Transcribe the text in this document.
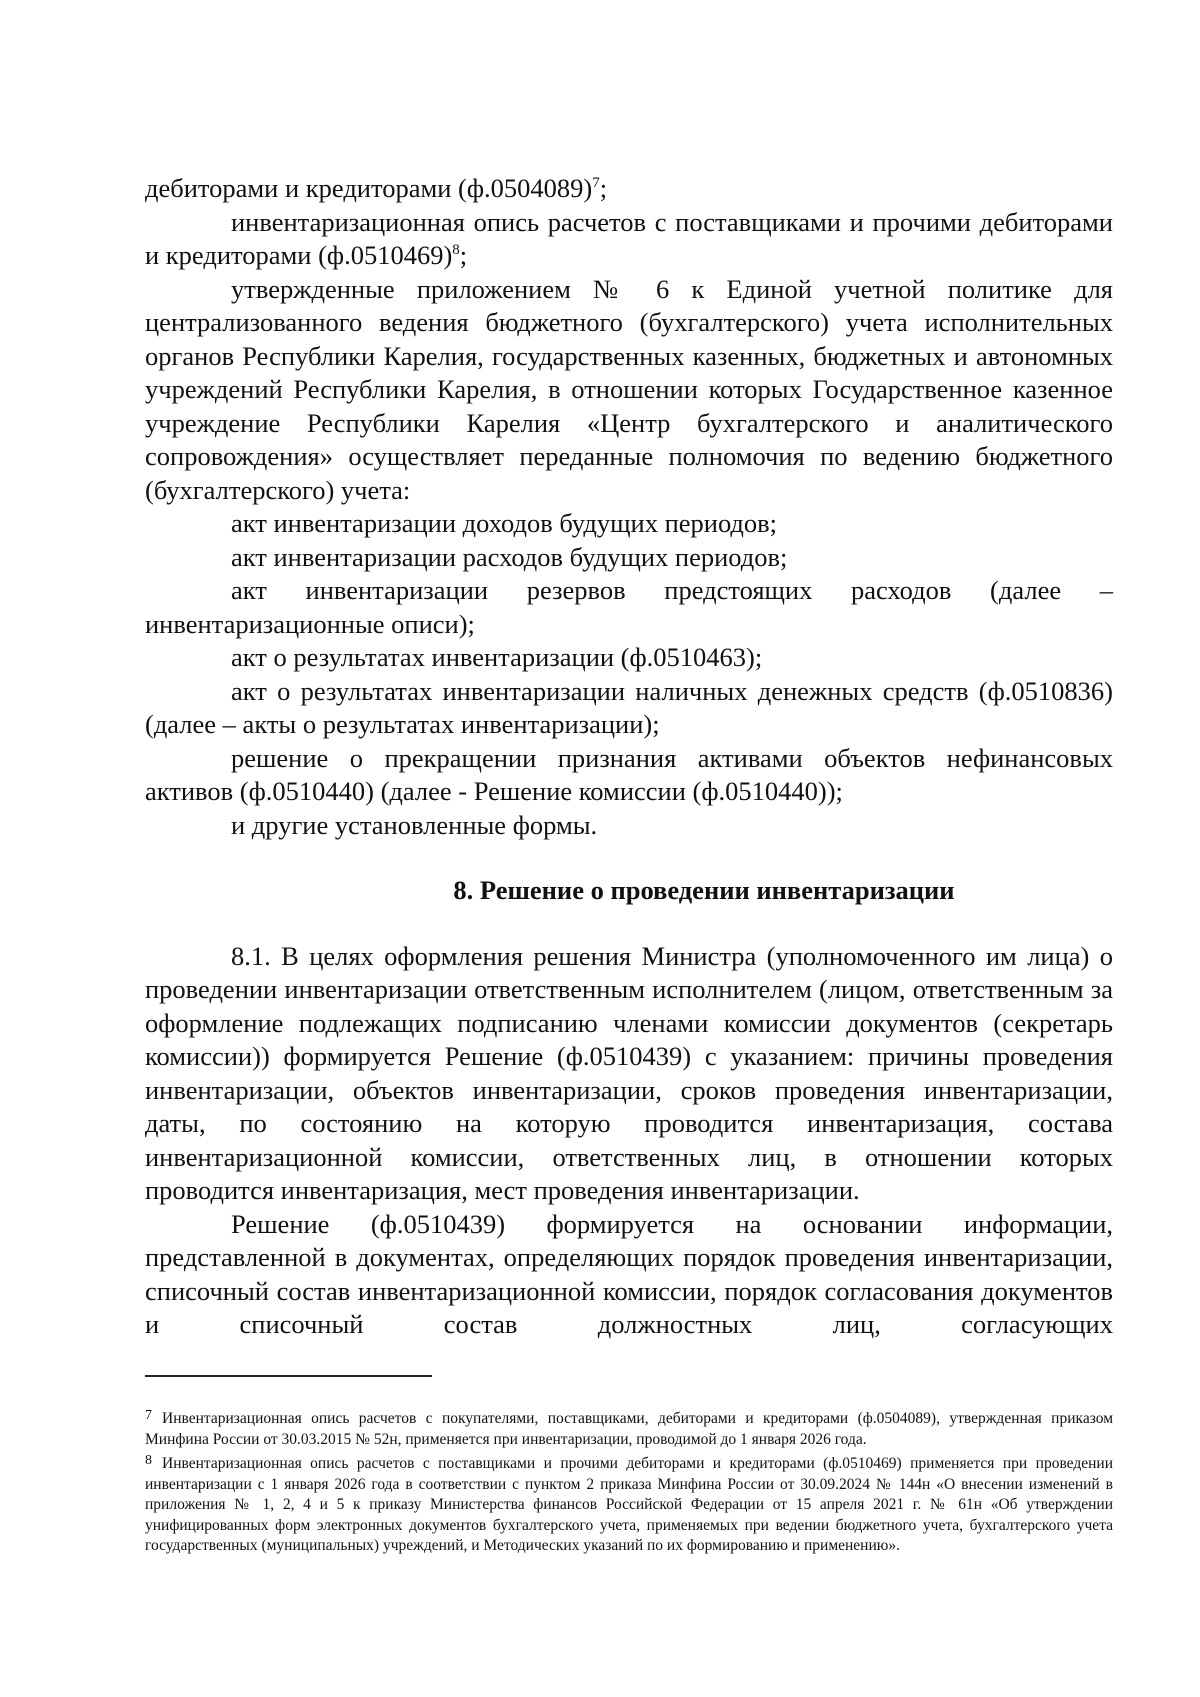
дебиторами и кредиторами $(ф.0504089)^7$;

инвентаризационная опись расчетов с поставщиками и прочими дебиторами и кредиторами $(ф.0510469)^8$;

утвержденные приложением № 6 к Единой учетной политике для централизованного ведения бюджетного (бухгалтерского) учета исполнительных органов Республики Карелия, государственных казенных, бюджетных и автономных учреждений Республики Карелия, в отношении которых Государственное казенное учреждение Республики Карелия «Центр бухгалтерского и аналитического сопровождения» осуществляет переданные полномочия по ведению бюджетного (бухгалтерского) учета:

акт инвентаризации доходов будущих периодов;

акт инвентаризации расходов будущих периодов;

акт инвентаризации резервов предстоящих расходов (далее – инвентаризационные описи);

акт о результатах инвентаризации (ф.0510463);

акт о результатах инвентаризации наличных денежных средств (ф.0510836) (далее – акты о результатах инвентаризации);

решение о прекращении признания активами объектов нефинансовых активов (ф.0510440) (далее - Решение комиссии (ф.0510440));

и другие установленные формы.

8. Решение о проведении инвентаризации

8.1. В целях оформления решения Министра (уполномоченного им лица) о проведении инвентаризации ответственным исполнителем (лицом, ответственным за оформление подлежащих подписанию членами комиссии документов (секретарь комиссии)) формируется Решение (ф.0510439) с указанием: причины проведения инвентаризации, объектов инвентаризации, сроков проведения инвентаризации, даты, по состоянию на которую проводится инвентаризация, состава инвентаризационной комиссии, ответственных лиц, в отношении которых проводится инвентаризация, мест проведения инвентаризации.

Решение (ф.0510439) формируется на основании информации, представленной в документах, определяющих порядок проведения инвентаризации, списочный состав инвентаризационной комиссии, порядок согласования документов и списочный состав должностных лиц, согласующих

$^7$ Инвентаризационная опись расчетов с покупателями, поставщиками, дебиторами и кредиторами (ф.0504089), утвержденная приказом Минфина России от 30.03.2015 № 52н, применяется при инвентаризации, проводимой до 1 января 2026 года.

$^8$ Инвентаризационная опись расчетов с поставщиками и прочими дебиторами и кредиторами (ф.0510469) применяется при проведении инвентаризации с 1 января 2026 года в соответствии с пунктом 2 приказа Минфина России от 30.09.2024 № 144н «О внесении изменений в приложения № 1, 2, 4 и 5 к приказу Министерства финансов Российской Федерации от 15 апреля 2021 г. № 61н «Об утверждении унифицированных форм электронных документов бухгалтерского учета, применяемых при ведении бюджетного учета, бухгалтерского учета государственных (муниципальных) учреждений, и Методических указаний по их формированию и применению».
